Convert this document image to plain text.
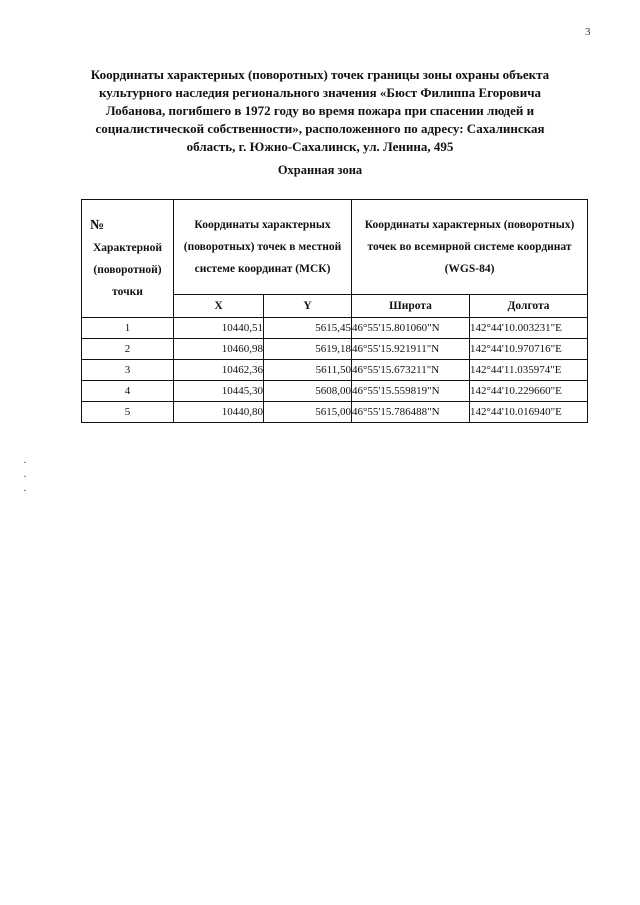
3
Координаты характерных (поворотных) точек границы зоны охраны объекта культурного наследия регионального значения «Бюст Филиппа Егоровича Лобанова, погибшего в 1972 году во время пожара при спасении людей и социалистической собственности», расположенного по адресу: Сахалинская область, г. Южно-Сахалинск, ул. Ленина, 495
Охранная зона
№
Характерной (поворотной) точки	Координаты характерных (поворотных) точек в местной системе координат (МСК)		Координаты характерных (поворотных) точек во всемирной системе координат (WGS-84)	
	X	Y	Широта	Долгота
1	10440,51	5615,45	46°55'15.801060"N	142°44'10.003231"E
2	10460,98	5619,18	46°55'15.921911"N	142°44'10.970716"E
3	10462,36	5611,50	46°55'15.673211"N	142°44'11.035974"E
4	10445,30	5608,00	46°55'15.559819"N	142°44'10.229660"E
5	10440,80	5615,00	46°55'15.786488"N	142°44'10.016940"E
·
·
·
